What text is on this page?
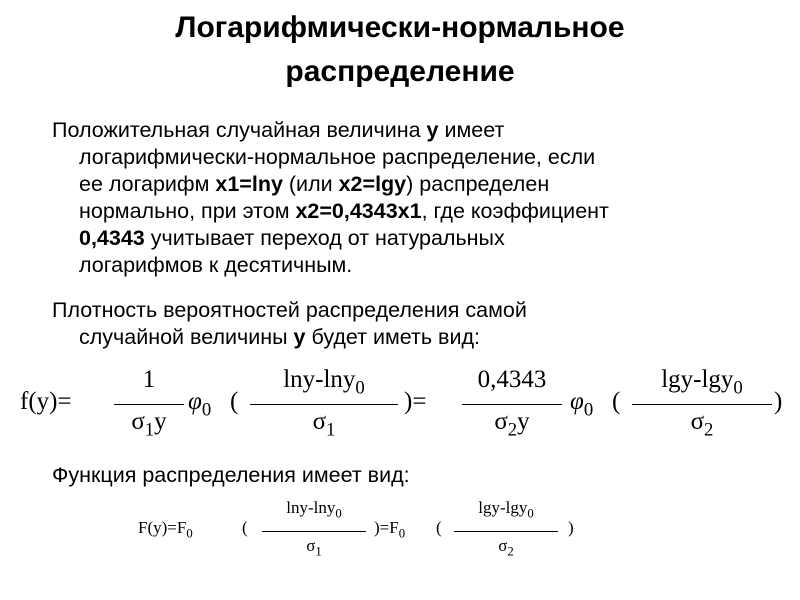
Логарифмически-нормальное
распределение
Положительная случайная величина y имеет
логарифмически-нормальное распределение, если
ее логарифм x1=lny (или x2=lgy) распределен
нормально, при этом x2=0,4343x1, где коэффициент
0,4343 учитывает переход от натуральных
логарифмов к десятичным.
Плотность вероятностей распределения самой
случайной величины y будет иметь вид:
f(y)=
1
$\sigma_1y$
$\varphi_0$ (
lny-lny$_0$
$\sigma_1$
)=
0,4343
$\sigma_2y$
$\varphi_0$ (
lgy-lgy$_0$
$\sigma_2$
)
Функция распределения имеет вид:
$F(y)=F_0$	(
lny-lny$_0$
$\sigma_1$
)$=F_0$ (
lgy-lgy$_0$
$\sigma_2$
)
